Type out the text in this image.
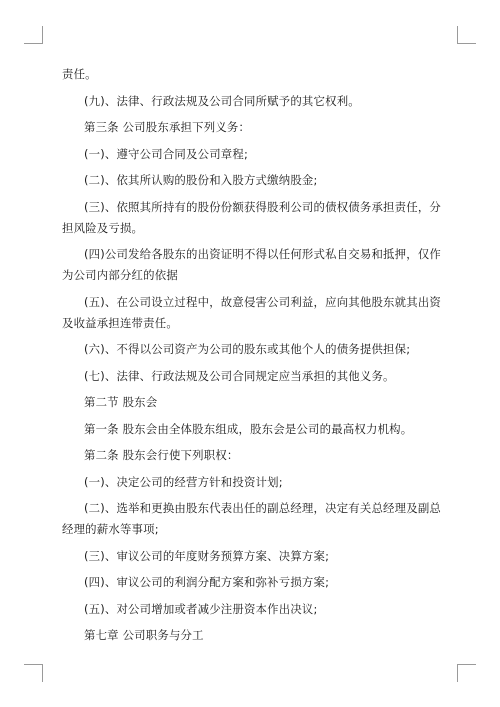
责任。

(九)、法律、行政法规及公司合同所赋予的其它权利。

第三条 公司股东承担下列义务：

(一)、遵守公司合同及公司章程;

(二)、依其所认购的股份和入股方式缴纳股金;

(三)、依照其所持有的股份份额获得股利公司的债权债务承担责任，分担风险及亏损。

(四)公司发给各股东的出资证明不得以任何形式私自交易和抵押，仅作为公司内部分红的依据

(五)、在公司设立过程中，故意侵害公司利益，应向其他股东就其出资及收益承担连带责任。

(六)、不得以公司资产为公司的股东或其他个人的债务提供担保;

(七)、法律、行政法规及公司合同规定应当承担的其他义务。

第二节 股东会

第一条 股东会由全体股东组成，股东会是公司的最高权力机构。

第二条 股东会行使下列职权：

(一)、决定公司的经营方针和投资计划;

(二)、选举和更换由股东代表出任的副总经理，决定有关总经理及副总经理的薪水等事项;

(三)、审议公司的年度财务预算方案、决算方案;

(四)、审议公司的利润分配方案和弥补亏损方案;

(五)、对公司增加或者减少注册资本作出决议;

第七章 公司职务与分工
